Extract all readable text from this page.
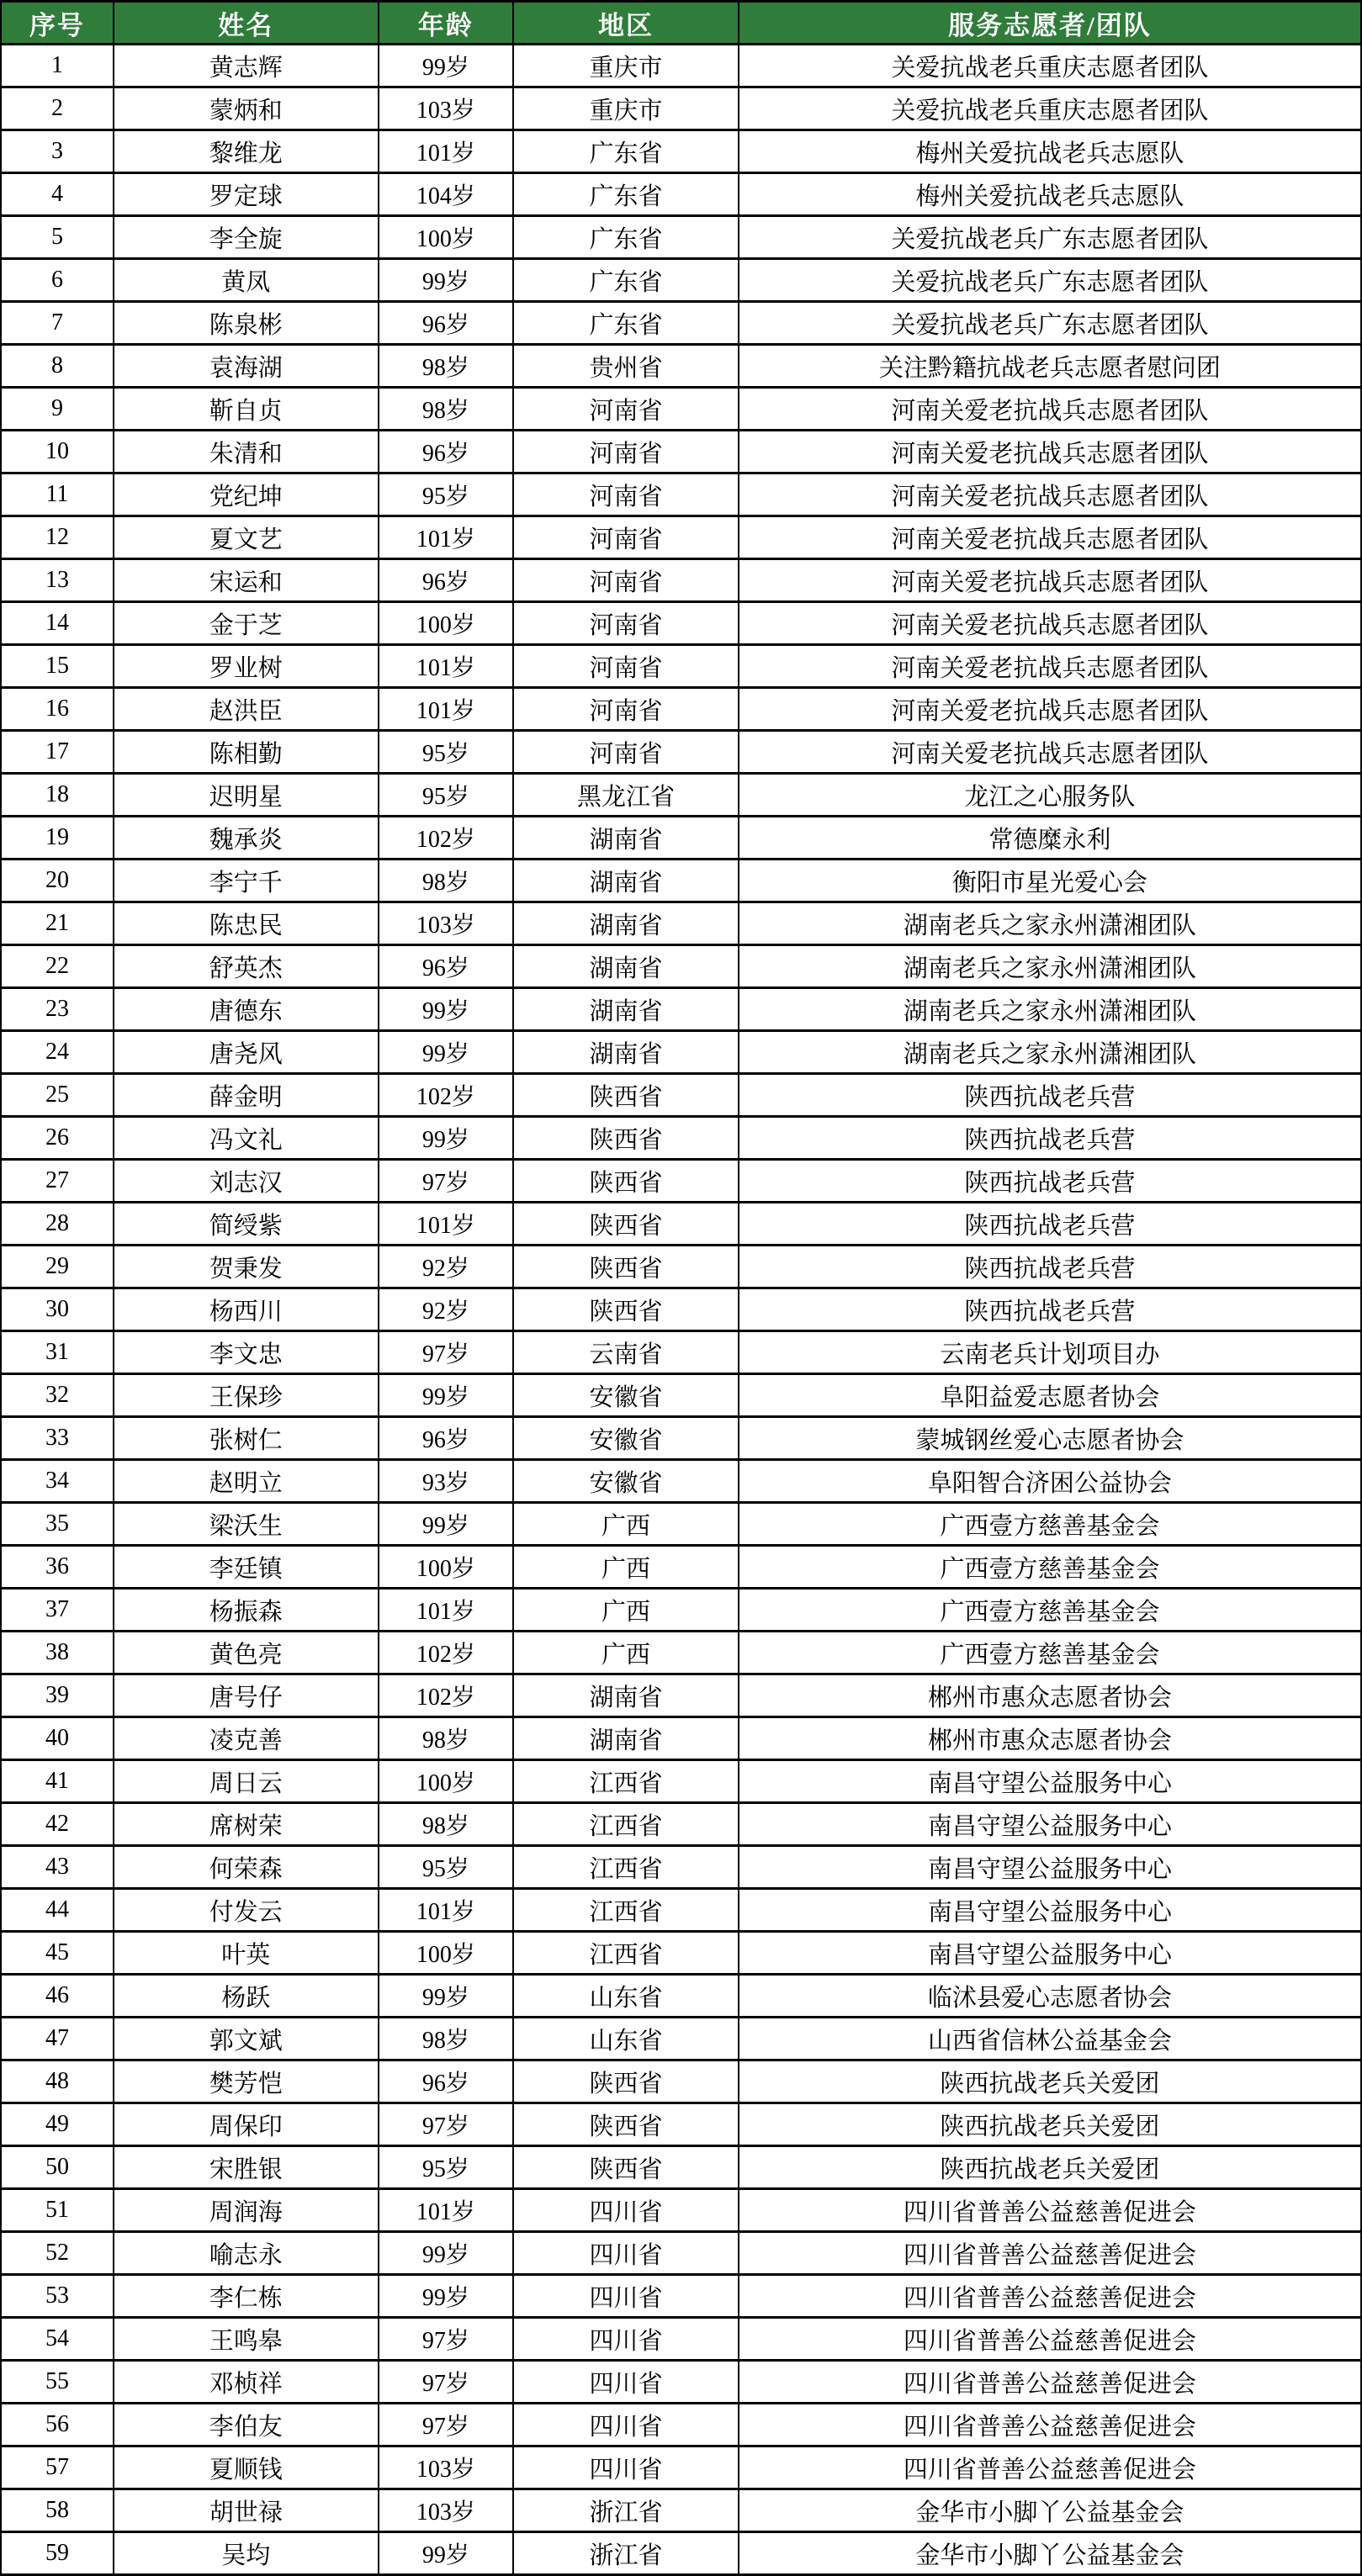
序号	姓名	年龄	地区	服务志愿者/团队
1	黄志辉	99岁	重庆市	关爱抗战老兵重庆志愿者团队
2	蒙炳和	103岁	重庆市	关爱抗战老兵重庆志愿者团队
3	黎维龙	101岁	广东省	梅州关爱抗战老兵志愿队
4	罗定球	104岁	广东省	梅州关爱抗战老兵志愿队
5	李全旋	100岁	广东省	关爱抗战老兵广东志愿者团队
6	黄凤	99岁	广东省	关爱抗战老兵广东志愿者团队
7	陈泉彬	96岁	广东省	关爱抗战老兵广东志愿者团队
8	袁海湖	98岁	贵州省	关注黔籍抗战老兵志愿者慰问团
9	靳自贞	98岁	河南省	河南关爱老抗战兵志愿者团队
10	朱清和	96岁	河南省	河南关爱老抗战兵志愿者团队
11	党纪坤	95岁	河南省	河南关爱老抗战兵志愿者团队
12	夏文艺	101岁	河南省	河南关爱老抗战兵志愿者团队
13	宋运和	96岁	河南省	河南关爱老抗战兵志愿者团队
14	金于芝	100岁	河南省	河南关爱老抗战兵志愿者团队
15	罗业树	101岁	河南省	河南关爱老抗战兵志愿者团队
16	赵洪臣	101岁	河南省	河南关爱老抗战兵志愿者团队
17	陈相勤	95岁	河南省	河南关爱老抗战兵志愿者团队
18	迟明星	95岁	黑龙江省	龙江之心服务队
19	魏承炎	102岁	湖南省	常德糜永利
20	李宁千	98岁	湖南省	衡阳市星光爱心会
21	陈忠民	103岁	湖南省	湖南老兵之家永州潇湘团队
22	舒英杰	96岁	湖南省	湖南老兵之家永州潇湘团队
23	唐德东	99岁	湖南省	湖南老兵之家永州潇湘团队
24	唐尧风	99岁	湖南省	湖南老兵之家永州潇湘团队
25	薛金明	102岁	陕西省	陕西抗战老兵营
26	冯文礼	99岁	陕西省	陕西抗战老兵营
27	刘志汉	97岁	陕西省	陕西抗战老兵营
28	简绶紫	101岁	陕西省	陕西抗战老兵营
29	贺秉发	92岁	陕西省	陕西抗战老兵营
30	杨西川	92岁	陕西省	陕西抗战老兵营
31	李文忠	97岁	云南省	云南老兵计划项目办
32	王保珍	99岁	安徽省	阜阳益爱志愿者协会
33	张树仁	96岁	安徽省	蒙城钢丝爱心志愿者协会
34	赵明立	93岁	安徽省	阜阳智合济困公益协会
35	梁沃生	99岁	广西	广西壹方慈善基金会
36	李廷镇	100岁	广西	广西壹方慈善基金会
37	杨振森	101岁	广西	广西壹方慈善基金会
38	黄色亮	102岁	广西	广西壹方慈善基金会
39	唐号仔	102岁	湖南省	郴州市惠众志愿者协会
40	凌克善	98岁	湖南省	郴州市惠众志愿者协会
41	周日云	100岁	江西省	南昌守望公益服务中心
42	席树荣	98岁	江西省	南昌守望公益服务中心
43	何荣森	95岁	江西省	南昌守望公益服务中心
44	付发云	101岁	江西省	南昌守望公益服务中心
45	叶英	100岁	江西省	南昌守望公益服务中心
46	杨跃	99岁	山东省	临沭县爱心志愿者协会
47	郭文斌	98岁	山东省	山西省信林公益基金会
48	樊芳恺	96岁	陕西省	陕西抗战老兵关爱团
49	周保印	97岁	陕西省	陕西抗战老兵关爱团
50	宋胜银	95岁	陕西省	陕西抗战老兵关爱团
51	周润海	101岁	四川省	四川省普善公益慈善促进会
52	喻志永	99岁	四川省	四川省普善公益慈善促进会
53	李仁栋	99岁	四川省	四川省普善公益慈善促进会
54	王鸣皋	97岁	四川省	四川省普善公益慈善促进会
55	邓桢祥	97岁	四川省	四川省普善公益慈善促进会
56	李伯友	97岁	四川省	四川省普善公益慈善促进会
57	夏顺钱	103岁	四川省	四川省普善公益慈善促进会
58	胡世禄	103岁	浙江省	金华市小脚丫公益基金会
59	吴均	99岁	浙江省	金华市小脚丫公益基金会
